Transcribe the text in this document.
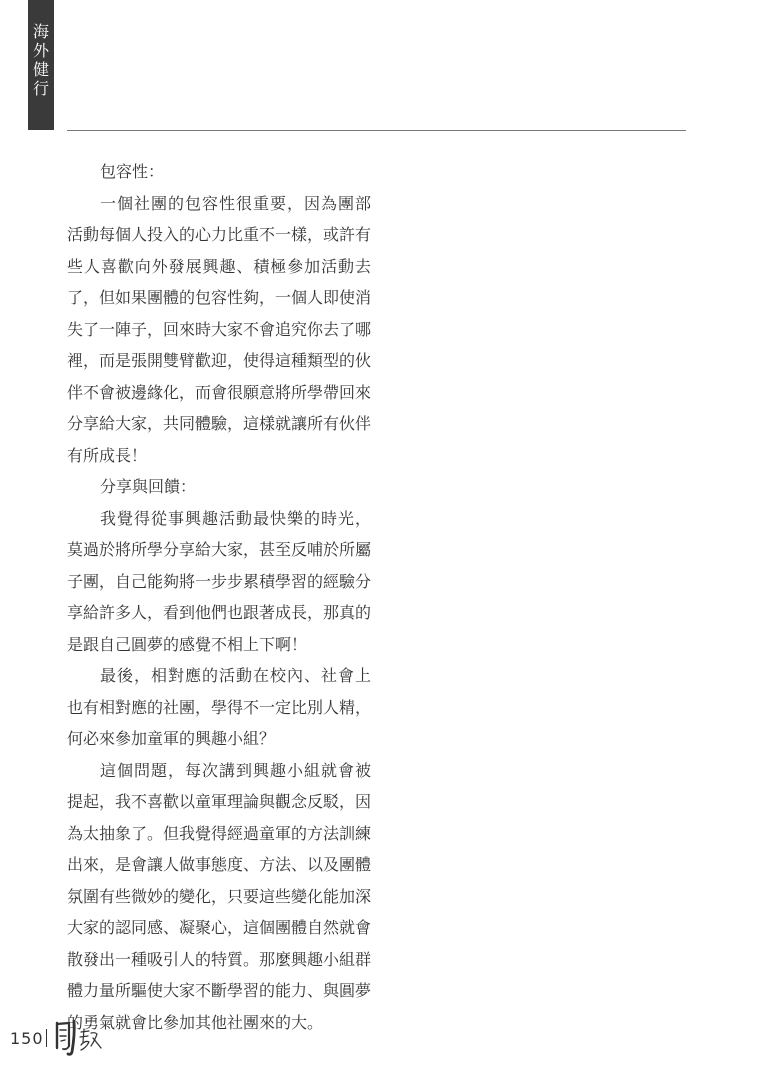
海外健行

包容性：

一個社團的包容性很重要，因為團部活動每個人投入的心力比重不一樣，或許有些人喜歡向外發展興趣、積極參加活動去了，但如果團體的包容性夠，一個人即使消失了一陣子，回來時大家不會追究你去了哪裡，而是張開雙臂歡迎，使得這種類型的伙伴不會被邊緣化，而會很願意將所學帶回來分享給大家，共同體驗，這樣就讓所有伙伴有所成長！

分享與回饋：

我覺得從事興趣活動最快樂的時光，莫過於將所學分享給大家，甚至反哺於所屬子團，自己能夠將一步步累積學習的經驗分享給許多人，看到他們也跟著成長，那真的是跟自己圓夢的感覺不相上下啊！

最後，相對應的活動在校內、社會上也有相對應的社團，學得不一定比別人精，何必來參加童軍的興趣小組？

這個問題，每次講到興趣小組就會被提起，我不喜歡以童軍理論與觀念反駁，因為太抽象了。但我覺得經過童軍的方法訓練出來，是會讓人做事態度、方法、以及團體氛圍有些微妙的變化，只要這些變化能加深大家的認同感、凝聚心，這個團體自然就會散發出一種吸引人的特質。那麼興趣小組群體力量所驅使大家不斷學習的能力、與圓夢的勇氣就會比參加其他社團來的大。

150
